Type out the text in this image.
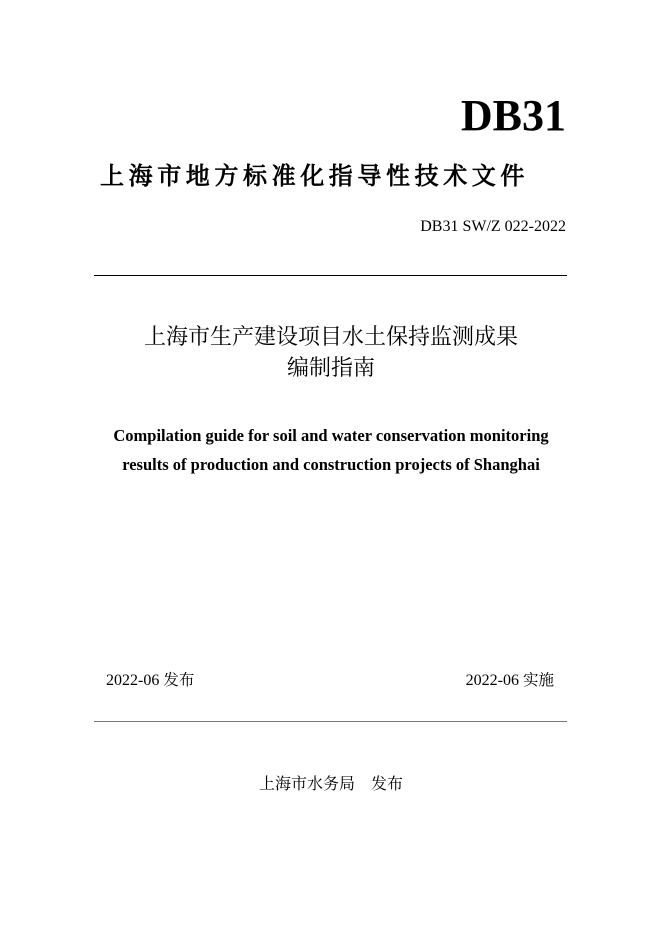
DB31
上海市地方标准化指导性技术文件
DB31 SW/Z 022-2022
上海市生产建设项目水土保持监测成果
编制指南
Compilation guide for soil and water conservation monitoring
results of production and construction projects of Shanghai
2022-06 发布	2022-06 实施
上海市水务局　发布
